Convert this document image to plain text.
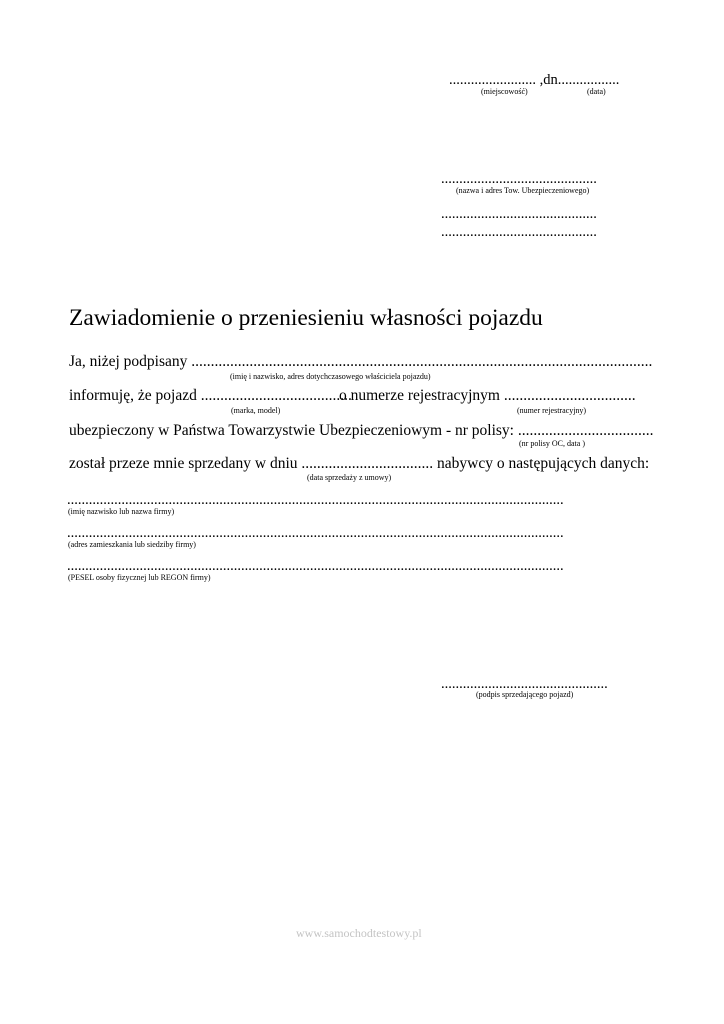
........................ ,dn.................
(miejscowość)	(data)
...........................................
(nazwa i adres Tow. Ubezpieczeniowego)
...........................................
...........................................
Zawiadomienie o przeniesieniu własności pojazdu
Ja, niżej podpisany .......................................................................................................................
(imię i nazwisko, adres dotychczasowego właściciela pojazdu)
informuję, że pojazd .......................................
o numerze rejestracyjnym ..................................
(marka, model)	(numer rejestracyjny)
ubezpieczony w Państwa Towarzystwie Ubezpieczeniowym - nr polisy: ...................................
(nr polisy OC, data )
został przeze mnie sprzedany w dniu .................................. nabywcy o następujących danych:
(data sprzedaży z umowy)
.........................................................................................................................................
(imię nazwisko lub nazwa firmy)
.........................................................................................................................................
(adres zamieszkania lub siedziby firmy)
.........................................................................................................................................
(PESEL osoby fizycznej lub REGON firmy)
..............................................
(podpis sprzedającego pojazd)
www.samochodtestowy.pl
